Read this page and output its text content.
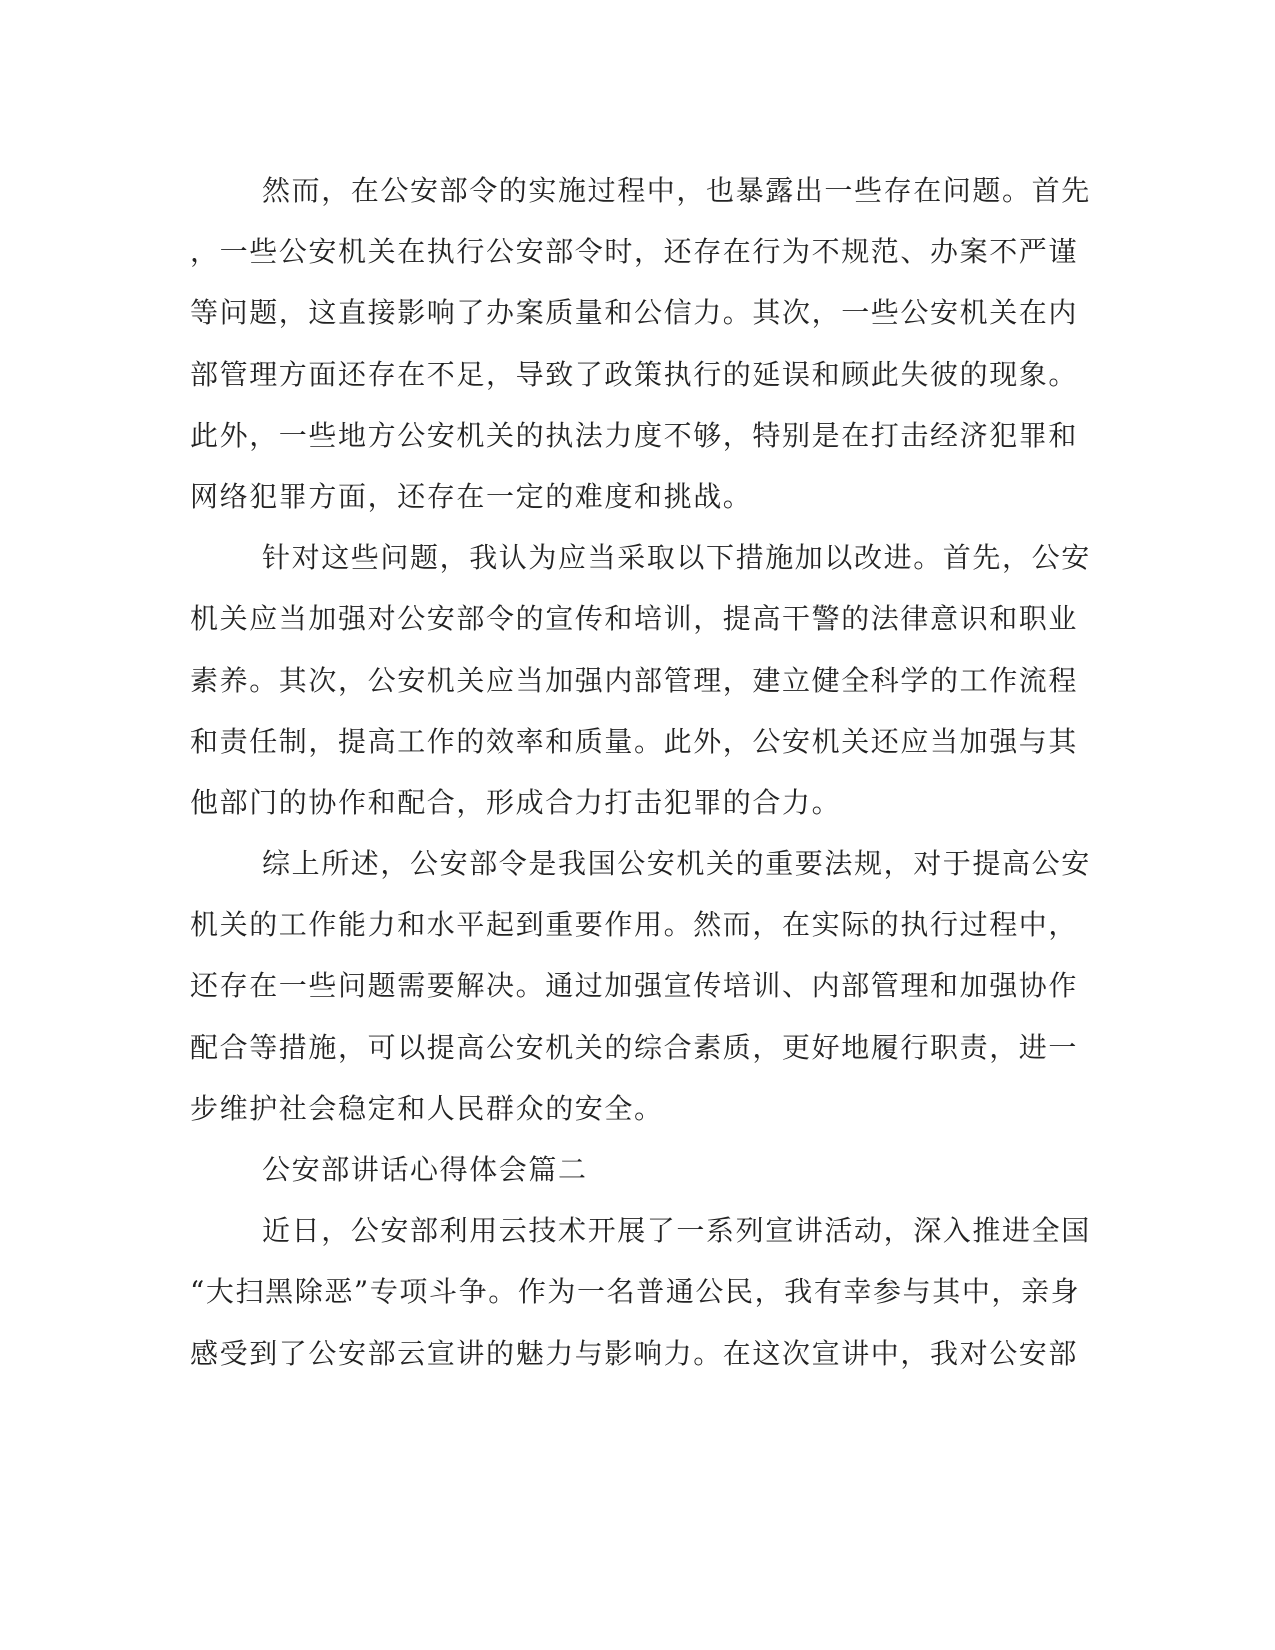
然而，在公安部令的实施过程中，也暴露出一些存在问题。首先
，一些公安机关在执行公安部令时，还存在行为不规范、办案不严谨
等问题，这直接影响了办案质量和公信力。其次，一些公安机关在内
部管理方面还存在不足，导致了政策执行的延误和顾此失彼的现象。
此外，一些地方公安机关的执法力度不够，特别是在打击经济犯罪和
网络犯罪方面，还存在一定的难度和挑战。
针对这些问题，我认为应当采取以下措施加以改进。首先，公安
机关应当加强对公安部令的宣传和培训，提高干警的法律意识和职业
素养。其次，公安机关应当加强内部管理，建立健全科学的工作流程
和责任制，提高工作的效率和质量。此外，公安机关还应当加强与其
他部门的协作和配合，形成合力打击犯罪的合力。
综上所述，公安部令是我国公安机关的重要法规，对于提高公安
机关的工作能力和水平起到重要作用。然而，在实际的执行过程中，
还存在一些问题需要解决。通过加强宣传培训、内部管理和加强协作
配合等措施，可以提高公安机关的综合素质，更好地履行职责，进一
步维护社会稳定和人民群众的安全。
公安部讲话心得体会篇二
近日，公安部利用云技术开展了一系列宣讲活动，深入推进全国
“大扫黑除恶”专项斗争。作为一名普通公民，我有幸参与其中，亲身
感受到了公安部云宣讲的魅力与影响力。在这次宣讲中，我对公安部
